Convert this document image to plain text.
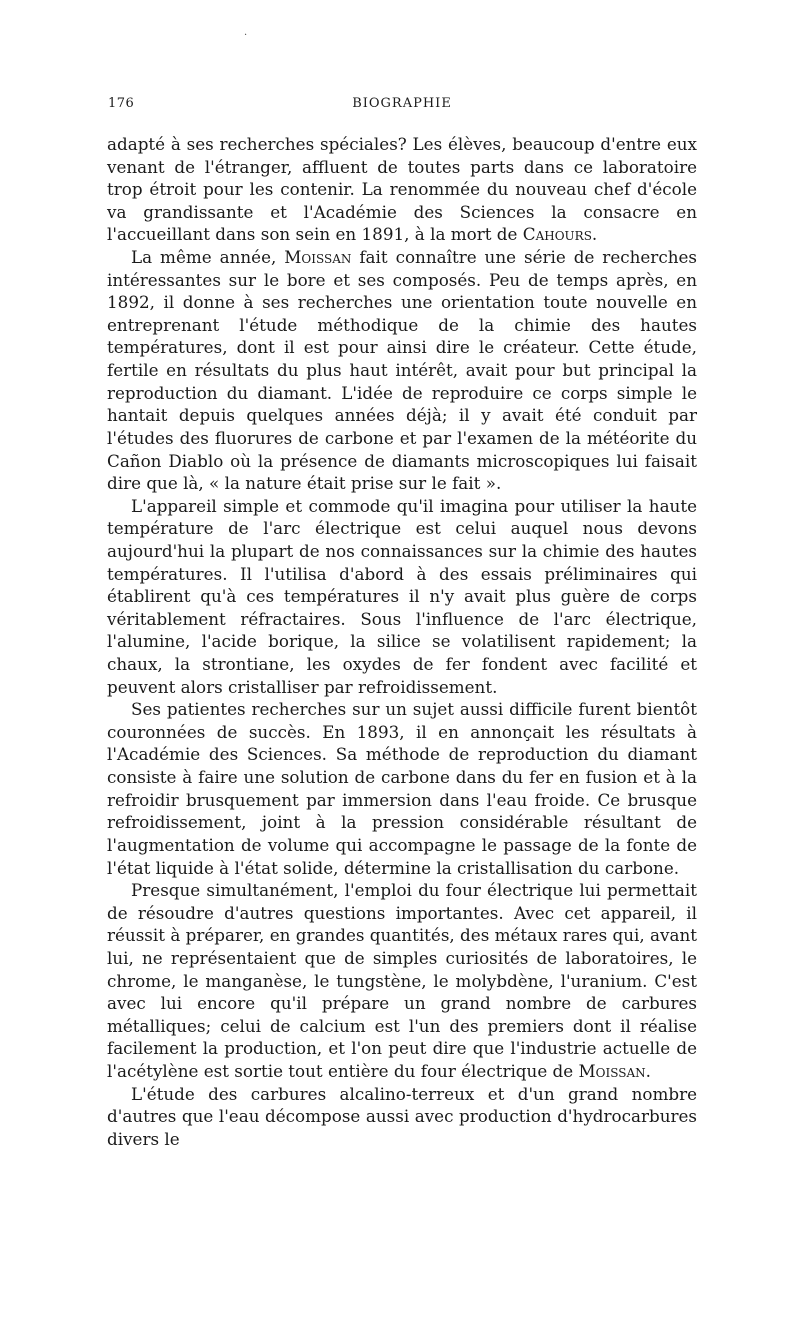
·
176	BIOGRAPHIE

adapté à ses recherches spéciales? Les élèves, beaucoup d'entre eux venant de l'étranger, affluent de toutes parts dans ce laboratoire trop étroit pour les contenir. La renommée du nouveau chef d'école va grandissante et l'Académie des Sciences la consacre en l'accueillant dans son sein en 1891, à la mort de Cahours.

La même année, Moissan fait connaître une série de recherches intéressantes sur le bore et ses composés. Peu de temps après, en 1892, il donne à ses recherches une orientation toute nouvelle en entreprenant l'étude méthodique de la chimie des hautes températures, dont il est pour ainsi dire le créateur. Cette étude, fertile en résultats du plus haut intérêt, avait pour but principal la reproduction du diamant. L'idée de reproduire ce corps simple le hantait depuis quelques années déjà; il y avait été conduit par l'études des fluorures de carbone et par l'examen de la météorite du Cañon Diablo où la présence de diamants microscopiques lui faisait dire que là, « la nature était prise sur le fait ».

L'appareil simple et commode qu'il imagina pour utiliser la haute température de l'arc électrique est celui auquel nous devons aujourd'hui la plupart de nos connaissances sur la chimie des hautes températures. Il l'utilisa d'abord à des essais préliminaires qui établirent qu'à ces températures il n'y avait plus guère de corps véritablement réfractaires. Sous l'influence de l'arc électrique, l'alumine, l'acide borique, la silice se volatilisent rapidement; la chaux, la strontiane, les oxydes de fer fondent avec facilité et peuvent alors cristalliser par refroidissement.

Ses patientes recherches sur un sujet aussi difficile furent bientôt couronnées de succès. En 1893, il en annonçait les résultats à l'Académie des Sciences. Sa méthode de reproduction du diamant consiste à faire une solution de carbone dans du fer en fusion et à la refroidir brusquement par immersion dans l'eau froide. Ce brusque refroidissement, joint à la pression considérable résultant de l'augmentation de volume qui accompagne le passage de la fonte de l'état liquide à l'état solide, détermine la cristallisation du carbone.

Presque simultanément, l'emploi du four électrique lui permettait de résoudre d'autres questions importantes. Avec cet appareil, il réussit à préparer, en grandes quantités, des métaux rares qui, avant lui, ne représentaient que de simples curiosités de laboratoires, le chrome, le manganèse, le tungstène, le molybdène, l'uranium. C'est avec lui encore qu'il prépare un grand nombre de carbures métalliques; celui de calcium est l'un des premiers dont il réalise facilement la production, et l'on peut dire que l'industrie actuelle de l'acétylène est sortie tout entière du four électrique de Moissan.

L'étude des carbures alcalino-terreux et d'un grand nombre d'autres que l'eau décompose aussi avec production d'hydrocarbures divers le
